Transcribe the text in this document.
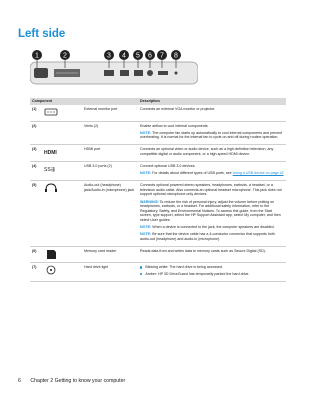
Left side
1	2	3 4 5 6 7 8
Component			Description
(1)		External monitor port	Connects an external VGA monitor or projector.

(2)		Vents (2)	Enable airflow to cool internal components.
NOTE: The computer fan starts up automatically to cool internal components and prevent overheating. It is normal for the internal fan to cycle on and off during routine operation.

(3)	HDMI	HDMI port	Connects an optional video or audio device, such as a high-definition television, any compatible digital or audio component, or a high-speed HDMI device.

(4)	SS⇶	USB 3.0 ports (2)	Connect optional USB 3.0 devices.
NOTE: For details about different types of USB ports, see Using a USB device on page 42

(5)		Audio-out (headphone) jack/Audio-in (microphone) jack	Connects optional powered stereo speakers, headphones, earbuds, a headset, or a television audio cable. Also connects an optional headset microphone. This jack does not support optional microphone-only devices.
WARNING! To reduce the risk of personal injury, adjust the volume before putting on headphones, earbuds, or a headset. For additional safety information, refer to the Regulatory, Safety, and Environmental Notices. To access this guide, from the Start screen, type support, select the HP Support Assistant app, select My computer, and then select User guides.
NOTE: When a device is connected to the jack, the computer speakers are disabled.
NOTE: Be sure that the device cable has a 4-conductor connector that supports both audio-out (headphone) and audio-in (microphone).

(6)		Memory card reader	Reads data from and writes data to memory cards such as Secure Digital (SD).

(7)		Hard drive light	Blinking white: The hard drive is being accessed.
Amber: HP 3D DriveGuard has temporarily parked the hard drive.
6 Chapter 2 Getting to know your computer
